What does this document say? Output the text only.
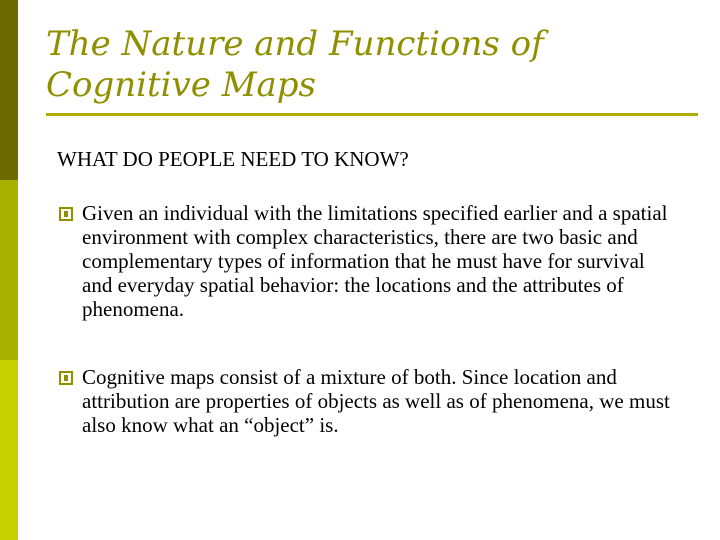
The Nature and Functions of Cognitive Maps

WHAT DO PEOPLE NEED TO KNOW?

Given an individual with the limitations specified earlier and a spatial environment with complex characteristics, there are two basic and complementary types of information that he must have for survival and everyday spatial behavior: the locations and the attributes of phenomena.
Cognitive maps consist of a mixture of both. Since location and attribution are properties of objects as well as of phenomena, we must also know what an “object” is.
